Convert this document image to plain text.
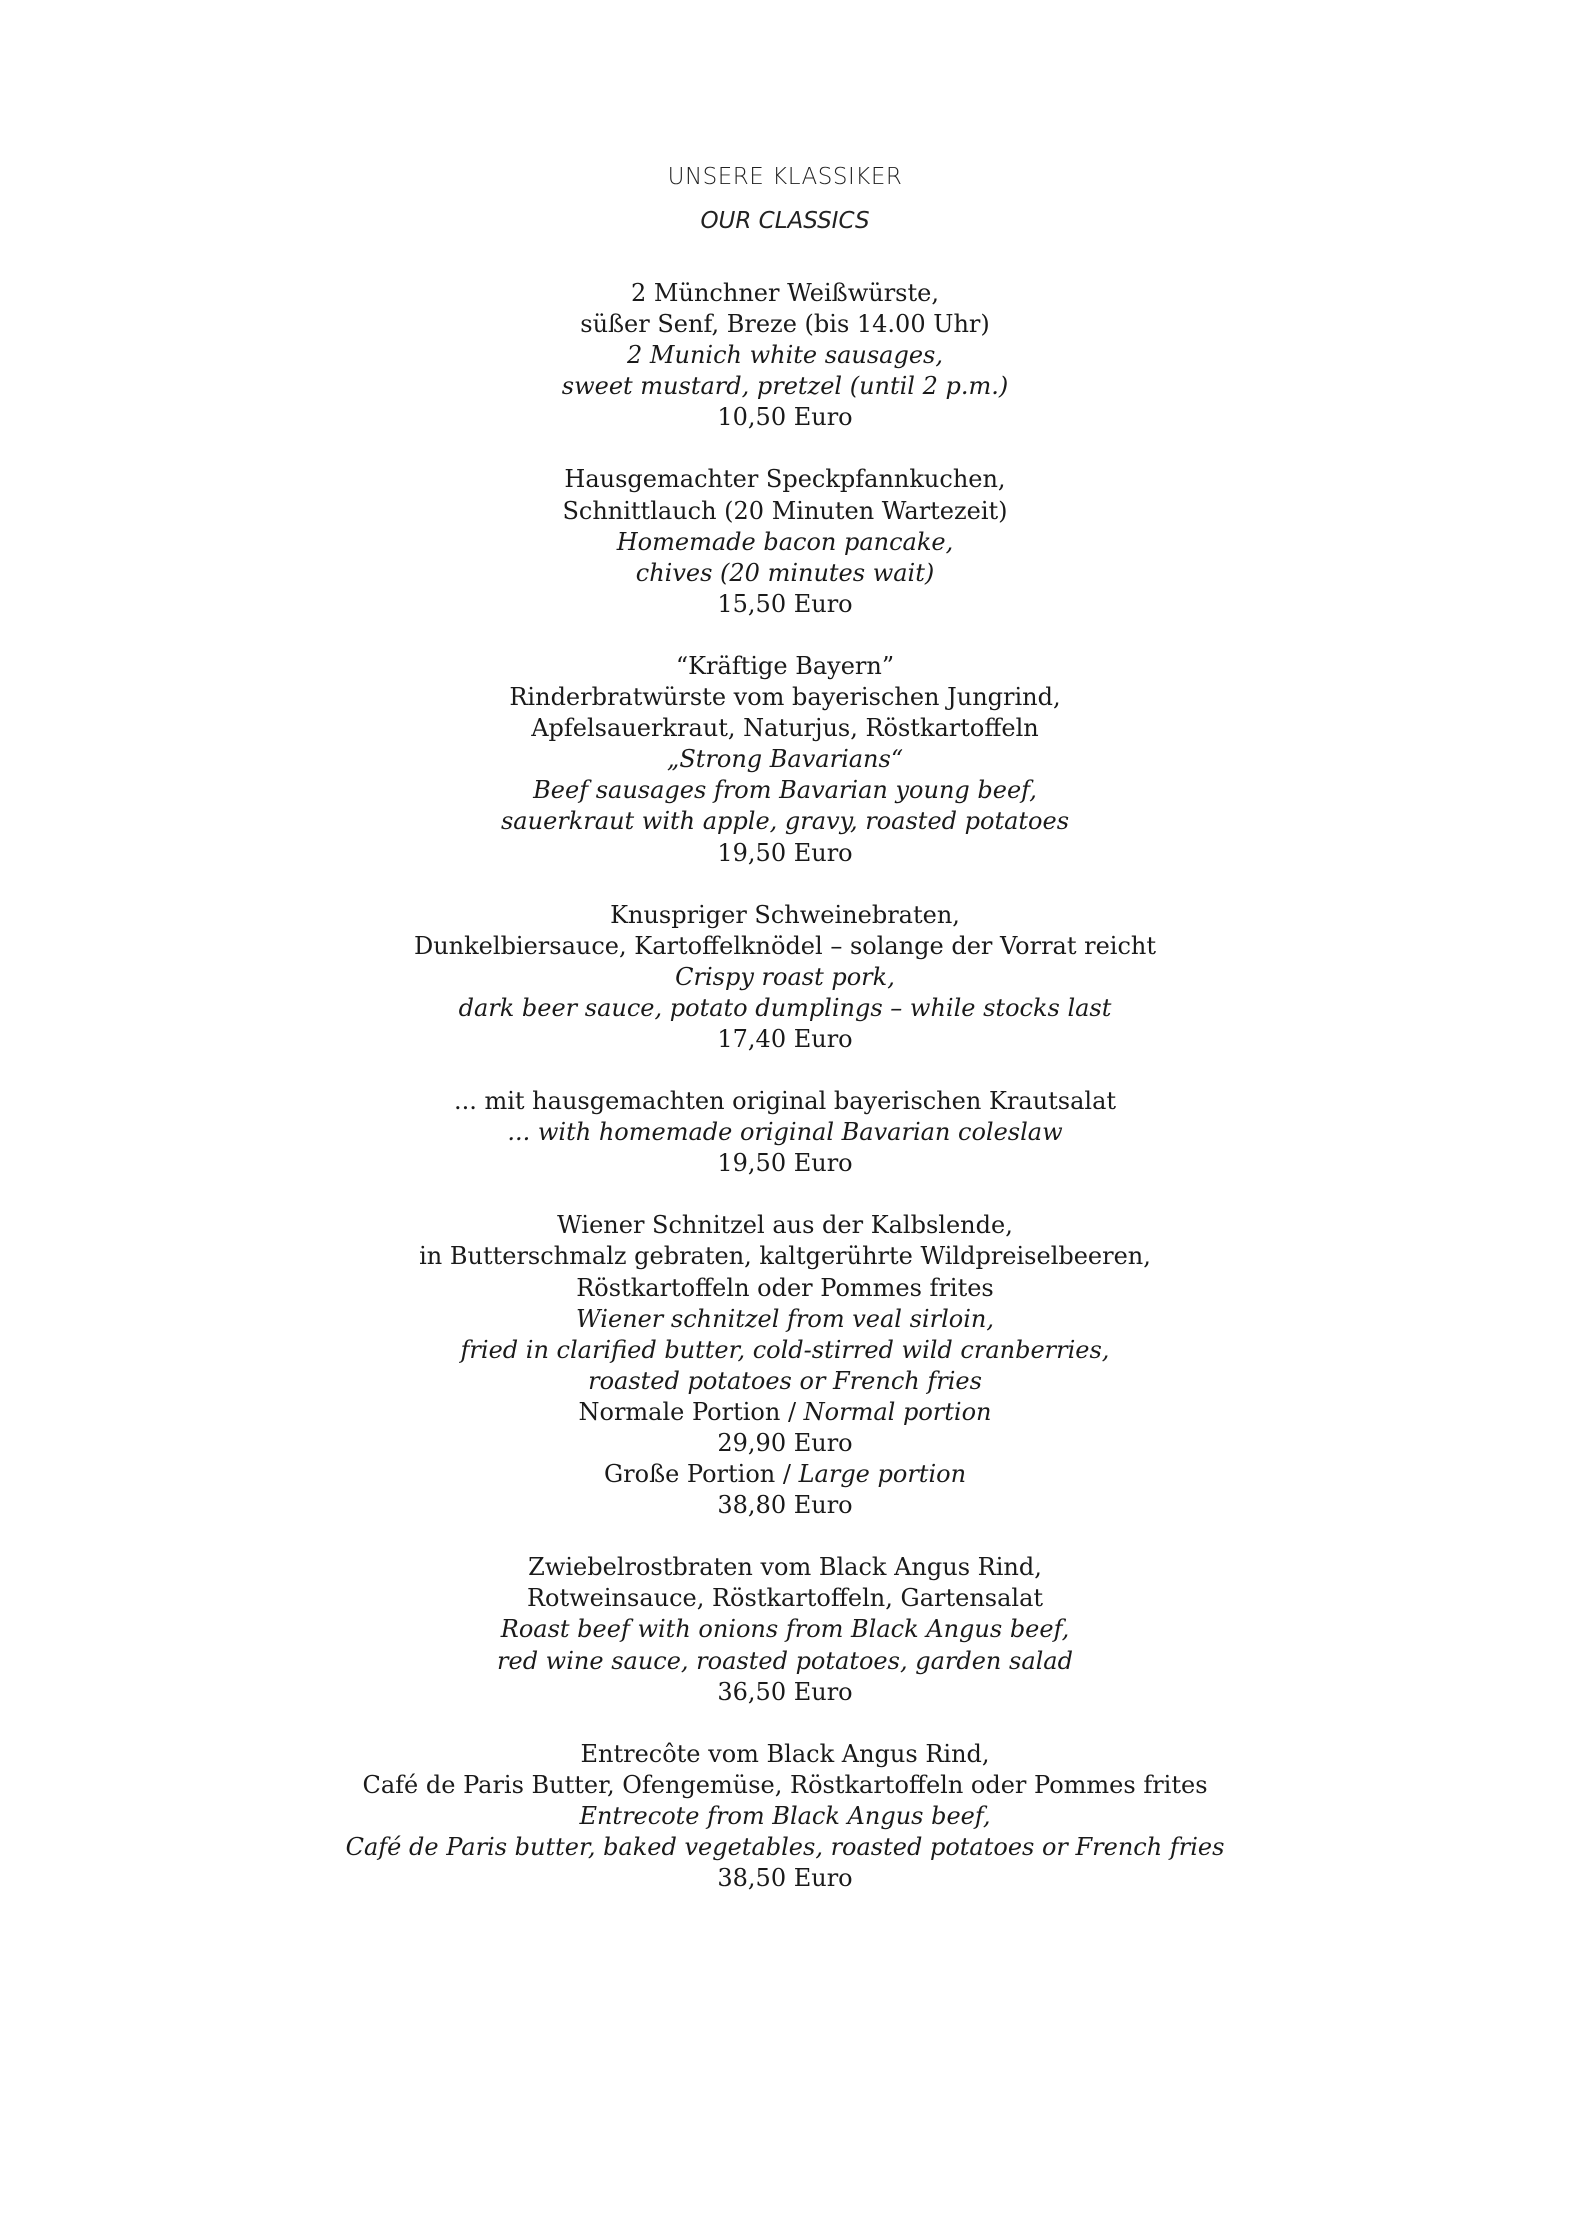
UNSERE KLASSIKER
OUR CLASSICS
2 Münchner Weißwürste,
süßer Senf, Breze (bis 14.00 Uhr)
2 Munich white sausages,
sweet mustard, pretzel (until 2 p.m.)
10,50 Euro
Hausgemachter Speckpfannkuchen,
Schnittlauch (20 Minuten Wartezeit)
Homemade bacon pancake,
chives (20 minutes wait)
15,50 Euro
“Kräftige Bayern”
Rinderbratwürste vom bayerischen Jungrind,
Apfelsauerkraut, Naturjus, Röstkartoffeln
„Strong Bavarians“
Beef sausages from Bavarian young beef,
sauerkraut with apple, gravy, roasted potatoes
19,50 Euro
Knuspriger Schweinebraten,
Dunkelbiersauce, Kartoffelknödel – solange der Vorrat reicht
Crispy roast pork,
dark beer sauce, potato dumplings – while stocks last
17,40 Euro
... mit hausgemachten original bayerischen Krautsalat
... with homemade original Bavarian coleslaw
19,50 Euro
Wiener Schnitzel aus der Kalbslende,
in Butterschmalz gebraten, kaltgerührte Wildpreiselbeeren,
Röstkartoffeln oder Pommes frites
Wiener schnitzel from veal sirloin,
fried in clarified butter, cold-stirred wild cranberries,
roasted potatoes or French fries
Normale Portion / Normal portion
29,90 Euro
Große Portion / Large portion
38,80 Euro
Zwiebelrostbraten vom Black Angus Rind,
Rotweinsauce, Röstkartoffeln, Gartensalat
Roast beef with onions from Black Angus beef,
red wine sauce, roasted potatoes, garden salad
36,50 Euro
Entrecôte vom Black Angus Rind,
Café de Paris Butter, Ofengemüse, Röstkartoffeln oder Pommes frites
Entrecote from Black Angus beef,
Café de Paris butter, baked vegetables, roasted potatoes or French fries
38,50 Euro
